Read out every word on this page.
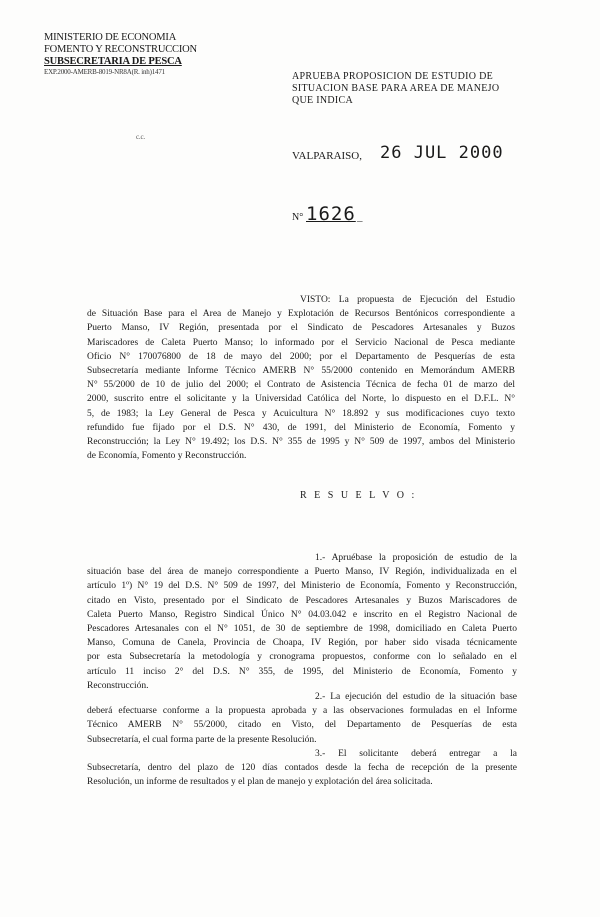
MINISTERIO DE ECONOMIA
FOMENTO Y RECONSTRUCCION
SUBSECRETARIA DE PESCA
EXP.2000-AMERB-8019-NR8A(R. inh)1471
c.c.
APRUEBA PROPOSICION DE ESTUDIO DE SITUACION BASE PARA AREA DE MANEJO QUE INDICA
VALPARAISO, 26 JUL 2000
N° 1626 _
VISTO: La propuesta de Ejecución del Estudio
de Situación Base para el Area de Manejo y Explotación de Recursos Bentónicos correspondiente a
Puerto Manso, IV Región, presentada por el Sindicato de Pescadores Artesanales y Buzos
Mariscadores de Caleta Puerto Manso; lo informado por el Servicio Nacional de Pesca mediante
Oficio N° 170076800 de 18 de mayo del 2000; por el Departamento de Pesquerías de esta
Subsecretaría mediante Informe Técnico AMERB N° 55/2000 contenido en Memorándum AMERB
N° 55/2000 de 10 de julio del 2000; el Contrato de Asistencia Técnica de fecha 01 de marzo del
2000, suscrito entre el solicitante y la Universidad Católica del Norte, lo dispuesto en el D.F.L. N°
5, de 1983; la Ley General de Pesca y Acuicultura N° 18.892 y sus modificaciones cuyo texto
refundido fue fijado por el D.S. N° 430, de 1991, del Ministerio de Economía, Fomento y
Reconstrucción; la Ley N° 19.492; los D.S. N° 355 de 1995 y N° 509 de 1997, ambos del Ministerio
de Economía, Fomento y Reconstrucción.
R E S U E L V O :
1.- Apruébase la proposición de estudio de la
situación base del área de manejo correspondiente a Puerto Manso, IV Región, individualizada en el
artículo 1º) N° 19 del D.S. N° 509 de 1997, del Ministerio de Economía, Fomento y Reconstrucción,
citado en Visto, presentado por el Sindicato de Pescadores Artesanales y Buzos Mariscadores de
Caleta Puerto Manso, Registro Sindical Único N° 04.03.042 e inscrito en el Registro Nacional de
Pescadores Artesanales con el N° 1051, de 30 de septiembre de 1998, domiciliado en Caleta Puerto
Manso, Comuna de Canela, Provincia de Choapa, IV Región, por haber sido visada técnicamente
por esta Subsecretaría la metodología y cronograma propuestos, conforme con lo señalado en el
artículo 11 inciso 2° del D.S. N° 355, de 1995, del Ministerio de Economía, Fomento y
Reconstrucción.
2.- La ejecución del estudio de la situación base
deberá efectuarse conforme a la propuesta aprobada y a las observaciones formuladas en el Informe
Técnico AMERB N° 55/2000, citado en Visto, del Departamento de Pesquerías de esta
Subsecretaría, el cual forma parte de la presente Resolución.
3.- El solicitante deberá entregar a la
Subsecretaría, dentro del plazo de 120 días contados desde la fecha de recepción de la presente
Resolución, un informe de resultados y el plan de manejo y explotación del área solicitada.
